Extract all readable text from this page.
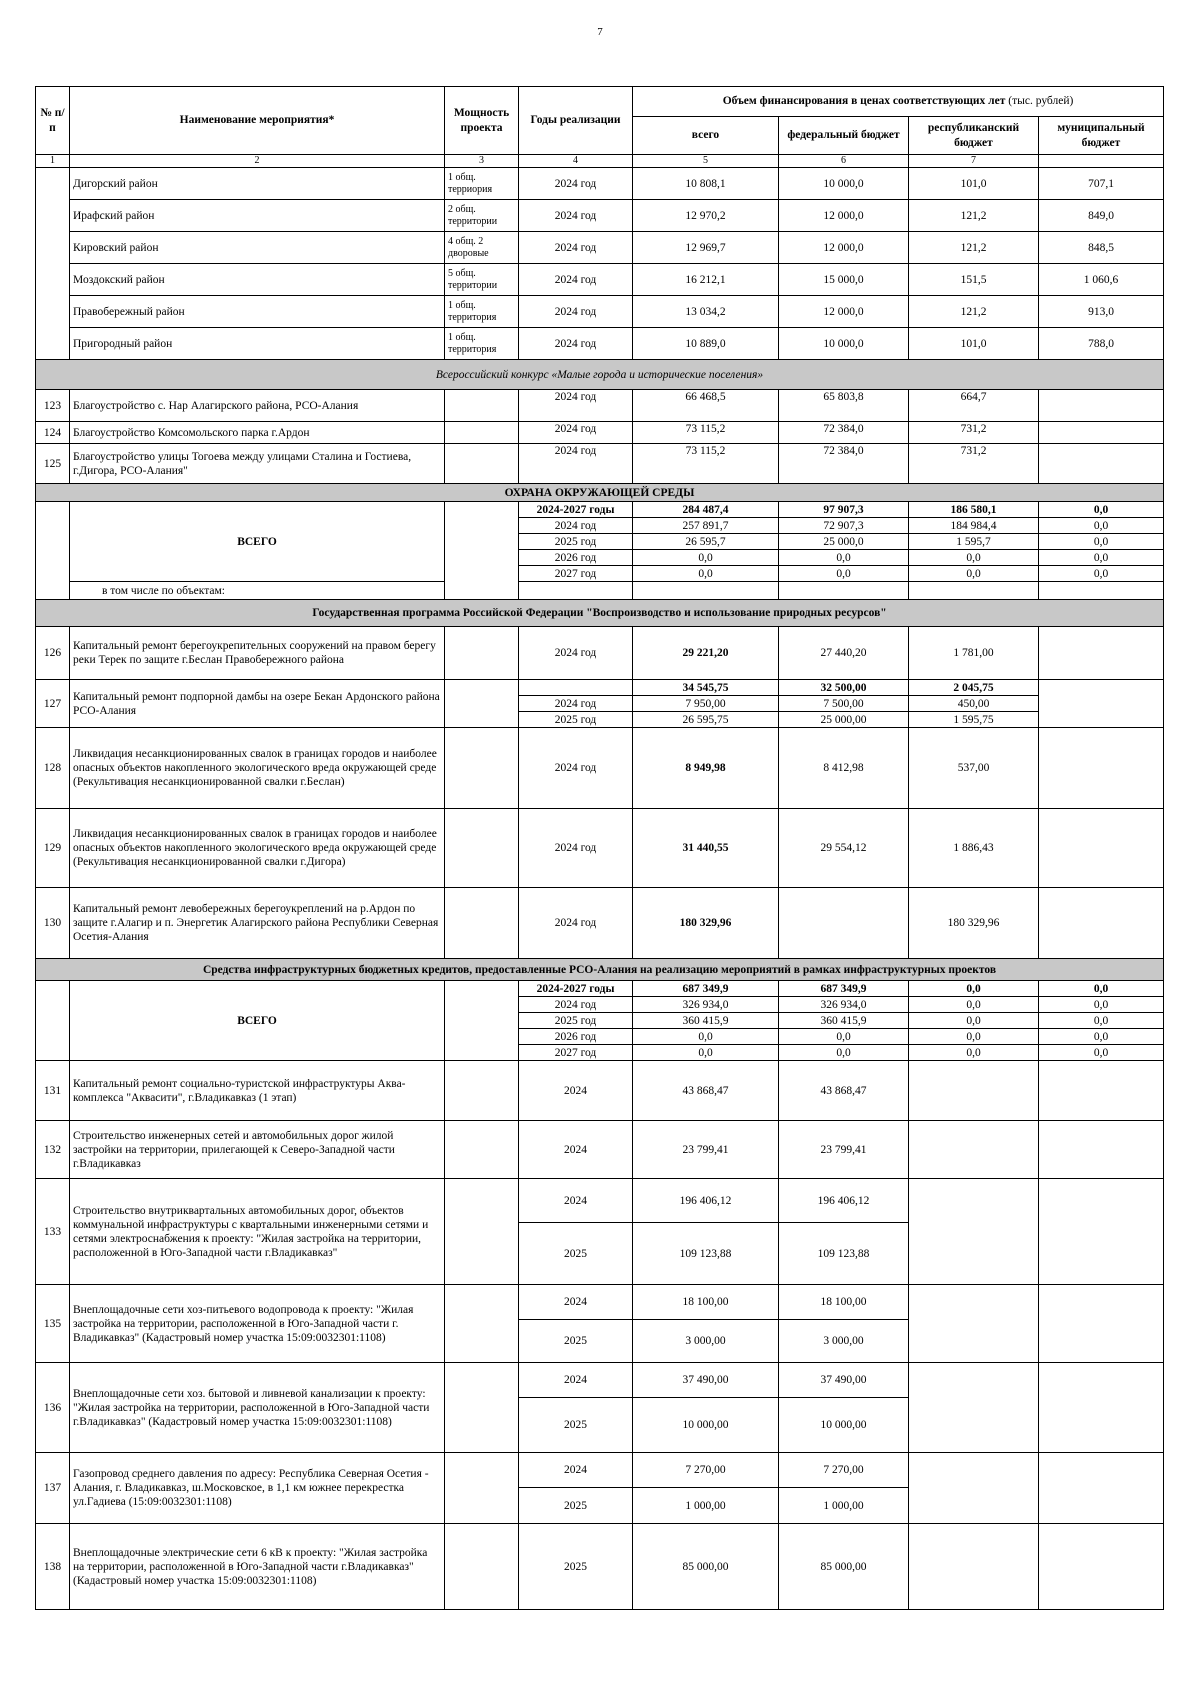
7
№ п/п	Наименование мероприятия*	Мощность проекта	Годы реализации	Объем финансирования в ценах соответствующих лет (тыс. рублей)			
				всего	федеральный бюджет	республиканский бюджет	муниципальный бюджет
1	2	3	4	5	6	7	
	Дигорский район	1 общ. терриория	2024 год	10 808,1	10 000,0	101,0	707,1
	Ирафский район	2 общ. территории	2024 год	12 970,2	12 000,0	121,2	849,0
	Кировский район	4 общ. 2 дворовые	2024 год	12 969,7	12 000,0	121,2	848,5
	Моздокский район	5 общ. территории	2024 год	16 212,1	15 000,0	151,5	1 060,6
	Правобережный район	1 общ. территория	2024 год	13 034,2	12 000,0	121,2	913,0
	Пригородный район	1 общ. территория	2024 год	10 889,0	10 000,0	101,0	788,0
Всероссийский конкурс «Малые города и исторические поселения»							
123	Благоустройство с. Нар Алагирского района, РСО-Алания		2024 год	66 468,5	65 803,8	664,7	
124	Благоустройство Комсомольского парка г.Ардон		2024 год	73 115,2	72 384,0	731,2	
125	Благоустройство улицы Тогоева между улицами Сталина и Гостиева, г.Дигора, РСО-Алания"		2024 год	73 115,2	72 384,0	731,2	
ОХРАНА ОКРУЖАЮЩЕЙ СРЕДЫ							
	ВСЕГО		2024-2027 годы	284 487,4	97 907,3	186 580,1	0,0
			2024 год	257 891,7	72 907,3	184 984,4	0,0
			2025 год	26 595,7	25 000,0	1 595,7	0,0
			2026 год	0,0	0,0	0,0	0,0
			2027 год	0,0	0,0	0,0	0,0
	в том числе по объектам:						
Государственная программа Российской Федерации "Воспроизводство и использование природных ресурсов"							
126	Капитальный ремонт берегоукрепительных сооружений на правом берегу реки Терек по защите г.Беслан Правобережного района		2024 год	29 221,20	27 440,20	1 781,00	
127	Капитальный ремонт подпорной дамбы на озере Бекан Ардонского района РСО-Алания			34 545,75	32 500,00	2 045,75	
			2024 год	7 950,00	7 500,00	450,00	
			2025 год	26 595,75	25 000,00	1 595,75	
128	Ликвидация несанкционированных свалок в границах городов и наиболее опасных объектов накопленного экологического вреда окружающей среде (Рекультивация несанкционированной свалки г.Беслан)		2024 год	8 949,98	8 412,98	537,00	
129	Ликвидация несанкционированных свалок в границах городов и наиболее опасных объектов накопленного экологического вреда окружающей среде (Рекультивация несанкционированной свалки г.Дигора)		2024 год	31 440,55	29 554,12	1 886,43	
130	Капитальный ремонт левобережных берегоукреплений на р.Ардон по защите г.Алагир и п. Энергетик Алагирского района Республики Северная Осетия-Алания		2024 год	180 329,96		180 329,96	
Средства инфраструктурных бюджетных кредитов, предоставленные РСО-Алания на реализацию мероприятий в рамках инфраструктурных проектов							
	ВСЕГО		2024-2027 годы	687 349,9	687 349,9	0,0	0,0
			2024 год	326 934,0	326 934,0	0,0	0,0
			2025 год	360 415,9	360 415,9	0,0	0,0
			2026 год	0,0	0,0	0,0	0,0
			2027 год	0,0	0,0	0,0	0,0
131	Капитальный ремонт социально-туристской инфраструктуры Аква-комплекса "Аквасити", г.Владикавказ (1 этап)		2024	43 868,47	43 868,47		
132	Строительство инженерных сетей и автомобильных дорог жилой застройки на территории, прилегающей к Северо-Западной части г.Владикавказ		2024	23 799,41	23 799,41		
133	Строительство внутриквартальных автомобильных дорог, объектов коммунальной инфраструктуры с квартальными инженерными сетями и сетями электроснабжения к проекту: "Жилая застройка на территории, расположенной в Юго-Западной части г.Владикавказ"		2024	196 406,12	196 406,12		
			2025	109 123,88	109 123,88		
135	Внеплощадочные сети хоз-питьевого водопровода к проекту: "Жилая застройка на территории, расположенной в Юго-Западной части г. Владикавказ" (Кадастровый номер участка 15:09:0032301:1108)		2024	18 100,00	18 100,00		
			2025	3 000,00	3 000,00		
136	Внеплощадочные сети хоз. бытовой и ливневой канализации к проекту: "Жилая застройка на территории, расположенной в Юго-Западной части г.Владикавказ" (Кадастровый номер участка 15:09:0032301:1108)		2024	37 490,00	37 490,00		
			2025	10 000,00	10 000,00		
137	Газопровод среднего давления по адресу: Республика Северная Осетия - Алания, г. Владикавказ, ш.Московское, в 1,1 км южнее перекрестка ул.Гадиева (15:09:0032301:1108)		2024	7 270,00	7 270,00		
			2025	1 000,00	1 000,00		
138	Внеплощадочные электрические сети 6 кВ к проекту: "Жилая застройка на территории, расположенной в Юго-Западной части г.Владикавказ" (Кадастровый номер участка 15:09:0032301:1108)		2025	85 000,00	85 000,00		
